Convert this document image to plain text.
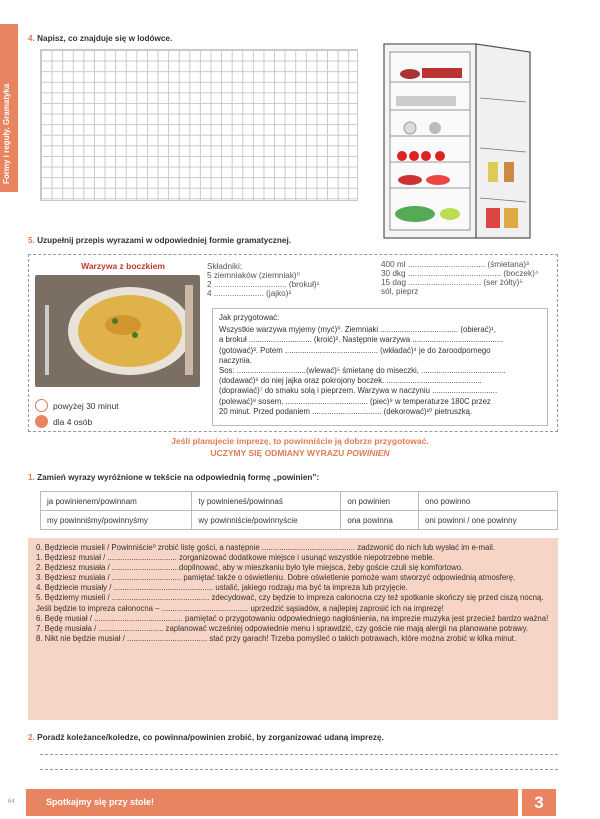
Formy i reguły. Gramatyka
4. Napisz, co znajduje się w lodówce.
5. Uzupełnij przepis wyrazami w odpowiedniej formie gramatycznej.
Warzywa z boczkiem
powyżej 30 minut
dla 4 osób
Składniki:
5 ziemniaków (ziemniak)⁰
2 ................................ (brokuł)¹
4 ...................... (jajko)²
400 ml .................................. (śmietana)³
30 dkg ......................................... (boczek)⁴
15 dag ................................ (ser żółty)⁵
sól, pieprz

Jak przygotować:

Wszystkie warzywa myjemy (myć)⁰. Ziemniaki .................................... (obierać)¹,

a brokuł ............................. (kroić)². Następnie warzywa ..........................................

(gotować)³. Potem ........................................... (wkładać)⁴ je do żaroodpornego

naczynia.

Sos: ................................(wlewać)⁵ śmietanę do miseczki, .......................................

(dodawać)⁶ do niej jajka oraz pokrojony boczek. ............................................

(doprawiać)⁷ do smaku solą i pieprzem. Warzywa w naczyniu ..............................

(polewać)⁸ sosem. ...................................... (piec)⁹ w temperaturze 180C przez

20 minut. Przed podaniem ................................ (dekorować)¹⁰ pietruszką.

Jeśli planujecie imprezę, to powinniście ją dobrze przygotować.
UCZYMY SIĘ ODMIANY WYRAZU POWINIEN
1. Zamień wyrazy wyróżnione w tekście na odpowiednią formę „powinien”:
ja powinienem/powinnam	ty powinieneś/powinnaś	on powinien	ono powinno
my powinniśmy/powinnyśmy	wy powinniście/powinnyście	ona powinna	oni powinni / one powinny
0. Będziecie musieli / Powinniście⁰ zrobić listę gości, a następnie ........................................... zadzwonić do nich lub wysłać im e-mail.
1. Będziesz musiał / ................................ zorganizować dodatkowe miejsce i usunąć wszystkie niepotrzebne meble.
2. Będziesz musiała / ...............................dopilnować, aby w mieszkaniu było tyle miejsca, żeby goście czuli się komfortowo.
3. Będziesz musiała / ................................ pamiętać także o oświetleniu. Dobre oświetlenie pomoże wam stworzyć odpowiednią atmosferę.
4. Będziecie musiały / .............................................. ustalić, jakiego rodzaju ma być ta impreza lub przyjęcie.
5. Będziemy musieli / ............................................. zdecydować, czy będzie to impreza całonocna czy też spotkanie skończy się przed ciszą nocną. Jeśli będzie to impreza całonocna – ........................................ uprzedzić sąsiadów, a najlepiej zaprosić ich na imprezę!
6. Będę musiał / ......................................... pamiętać o przygotowaniu odpowiedniego nagłośnienia, na imprezie muzyka jest przecież bardzo ważna!
7. Będę musiała / .............................. zaplanować wcześniej odpowiednie menu i sprawdzić, czy goście nie mają alergii na planowane potrawy.
8. Nikt nie będzie musiał / ..................................... stać przy garach! Trzeba pomyśleć o takich potrawach, które można zrobić w kilka minut.
2. Poradź koleżance/koledze, co powinna/powinien zrobić, by zorganizować udaną imprezę.
64	Spotkajmy się przy stole!	3
